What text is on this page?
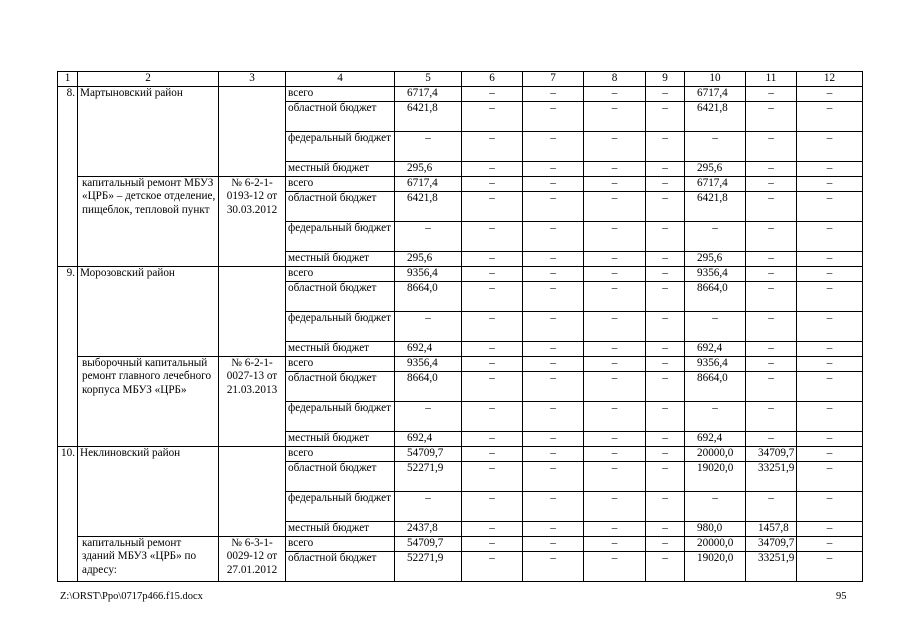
1	2	3	4	5	6	7	8	9	10	11	12
8.	Мартыновский район		всего	6717,4	–	–	–	–	6717,4	–	–
			областной бюджет	6421,8	–	–	–	–	6421,8	–	–
			федеральный бюджет	–	–	–	–	–	–	–	–
			местный бюджет	295,6	–	–	–	–	295,6	–	–
	капитальный ремонт МБУЗ «ЦРБ» – детское отделение, пищеблок, тепловой пункт	№ 6-2-1-0193-12 от 30.03.2012	всего	6717,4	–	–	–	–	6717,4	–	–
			областной бюджет	6421,8	–	–	–	–	6421,8	–	–
			федеральный бюджет	–	–	–	–	–	–	–	–
			местный бюджет	295,6	–	–	–	–	295,6	–	–
9.	Морозовский район		всего	9356,4	–	–	–	–	9356,4	–	–
			областной бюджет	8664,0	–	–	–	–	8664,0	–	–
			федеральный бюджет	–	–	–	–	–	–	–	–
			местный бюджет	692,4	–	–	–	–	692,4	–	–
	выборочный капитальный ремонт главного лечебного корпуса МБУЗ «ЦРБ»	№ 6-2-1-0027-13 от 21.03.2013	всего	9356,4	–	–	–	–	9356,4	–	–
			областной бюджет	8664,0	–	–	–	–	8664,0	–	–
			федеральный бюджет	–	–	–	–	–	–	–	–
			местный бюджет	692,4	–	–	–	–	692,4	–	–
10.	Неклиновский район		всего	54709,7	–	–	–	–	20000,0	34709,7	–
			областной бюджет	52271,9	–	–	–	–	19020,0	33251,9	–
			федеральный бюджет	–	–	–	–	–	–	–	–
			местный бюджет	2437,8	–	–	–	–	980,0	1457,8	–
	капитальный ремонт зданий МБУЗ «ЦРБ» по адресу:	№ 6-3-1-0029-12 от 27.01.2012	всего	54709,7	–	–	–	–	20000,0	34709,7	–
			областной бюджет	52271,9	–	–	–	–	19020,0	33251,9	–
Z:\ORST\Ppo\0717p466.f15.docx	95
